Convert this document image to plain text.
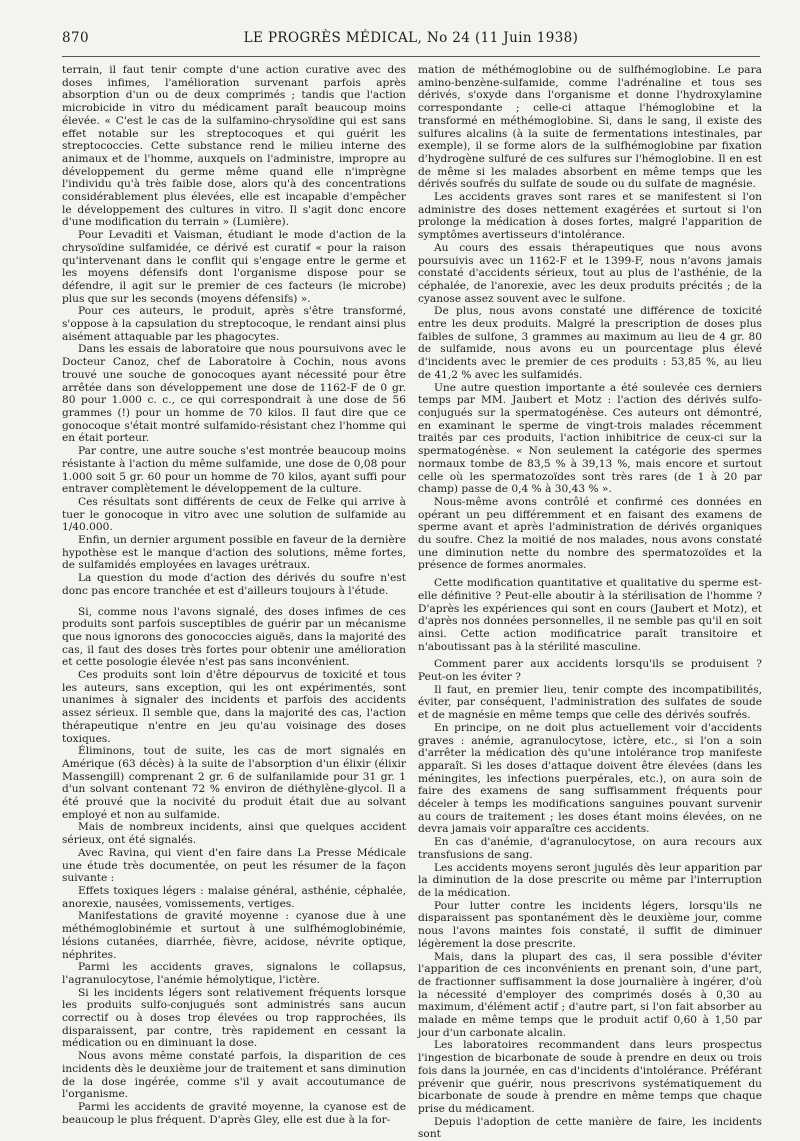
870	LE PROGRÈS MÉDICAL, No 24 (11 Juin 1938)

terrain, il faut tenir compte d'une action curative avec des doses infimes, l'amélioration survenant parfois après absorption d'un ou de deux comprimés ; tandis que l'action microbicide in vitro du médicament paraît beaucoup moins élevée. « C'est le cas de la sulfamino-chrysoïdine qui est sans effet notable sur les streptocoques et qui guérit les streptococcies. Cette substance rend le milieu interne des animaux et de l'homme, auxquels on l'administre, impropre au développement du germe même quand elle n'imprègne l'individu qu'à très faible dose, alors qu'à des concentrations considérablement plus élevées, elle est incapable d'empêcher le développement des cultures in vitro. Il s'agit donc encore d'une modification du terrain » (Lumière).

Pour Levaditi et Vaisman, étudiant le mode d'action de la chrysoïdine sulfamidée, ce dérivé est curatif « pour la raison qu'intervenant dans le conflit qui s'engage entre le germe et les moyens défensifs dont l'organisme dispose pour se défendre, il agit sur le premier de ces facteurs (le microbe) plus que sur les seconds (moyens défensifs) ».

Pour ces auteurs, le produit, après s'être transformé, s'oppose à la capsulation du streptocoque, le rendant ainsi plus aisément attaquable par les phagocytes.

Dans les essais de laboratoire que nous poursuivons avec le Docteur Canoz, chef de Laboratoire à Cochin, nous avons trouvé une souche de gonocoques ayant nécessité pour être arrêtée dans son développement une dose de 1162-F de 0 gr. 80 pour 1.000 c. c., ce qui correspondrait à une dose de 56 grammes (!) pour un homme de 70 kilos. Il faut dire que ce gonocoque s'était montré sulfamido-résistant chez l'homme qui en était porteur.

Par contre, une autre souche s'est montrée beaucoup moins résistante à l'action du même sulfamide, une dose de 0,08 pour 1.000 soit 5 gr. 60 pour un homme de 70 kilos, ayant suffi pour entraver complètement le développement de la culture.

Ces résultats sont différents de ceux de Felke qui arrive à tuer le gonocoque in vitro avec une solution de sulfamide au 1/40.000.

Enfin, un dernier argument possible en faveur de la dernière hypothèse est le manque d'action des solutions, même fortes, de sulfamidés employées en lavages urétraux.

La question du mode d'action des dérivés du soufre n'est donc pas encore tranchée et est d'ailleurs toujours à l'étude.

Si, comme nous l'avons signalé, des doses infimes de ces produits sont parfois susceptibles de guérir par un mécanisme que nous ignorons des gonococcies aiguës, dans la majorité des cas, il faut des doses très fortes pour obtenir une amélioration et cette posologie élevée n'est pas sans inconvénient.

Ces produits sont loin d'être dépourvus de toxicité et tous les auteurs, sans exception, qui les ont expérimentés, sont unanimes à signaler des incidents et parfois des accidents assez sérieux. Il semble que, dans la majorité des cas, l'action thérapeutique n'entre en jeu qu'au voisinage des doses toxiques.

Éliminons, tout de suite, les cas de mort signalés en Amérique (63 décès) à la suite de l'absorption d'un élixir (élixir Massengill) comprenant 2 gr. 6 de sulfanilamide pour 31 gr. 1 d'un solvant contenant 72 % environ de diéthylène-glycol. Il a été prouvé que la nocivité du produit était due au solvant employé et non au sulfamide.

Mais de nombreux incidents, ainsi que quelques accident sérieux, ont été signalés.

Avec Ravina, qui vient d'en faire dans La Presse Médicale une étude très documentée, on peut les résumer de la façon suivante :

Effets toxiques légers : malaise général, asthénie, céphalée, anorexie, nausées, vomissements, vertiges.

Manifestations de gravité moyenne : cyanose due à une méthémoglobinémie et surtout à une sulfhémoglobinémie, lésions cutanées, diarrhée, fièvre, acidose, névrite optique, néphrites.

Parmi les accidents graves, signalons le collapsus, l'agranulocytose, l'anémie hémolytique, l'ictère.

Si les incidents légers sont relativement fréquents lorsque les produits sulfo-conjugués sont administrés sans aucun correctif ou à doses trop élevées ou trop rapprochées, ils disparaissent, par contre, très rapidement en cessant la médication ou en diminuant la dose.

Nous avons même constaté parfois, la disparition de ces incidents dès le deuxième jour de traitement et sans diminution de la dose ingérée, comme s'il y avait accoutumance de l'organisme.

Parmi les accidents de gravité moyenne, la cyanose est de beaucoup le plus fréquent. D'après Gley, elle est due à la for-

mation de méthémoglobine ou de sulfhémoglobine. Le para amino-benzène-sulfamide, comme l'adrénaline et tous ses dérivés, s'oxyde dans l'organisme et donne l'hydroxylamine correspondante ; celle-ci attaque l'hémoglobine et la transformé en méthémoglobine. Si, dans le sang, il existe des sulfures alcalins (à la suite de fermentations intestinales, par exemple), il se forme alors de la sulfhémoglobine par fixation d'hydrogène sulfuré de ces sulfures sur l'hémoglobine. Il en est de même si les malades absorbent en même temps que les dérivés soufrés du sulfate de soude ou du sulfate de magnésie.

Les accidents graves sont rares et se manifestent si l'on administre des doses nettement exagérées et surtout si l'on prolonge la médication à doses fortes, malgré l'apparition de symptômes avertisseurs d'intolérance.

Au cours des essais thérapeutiques que nous avons poursuivis avec un 1162-F et le 1399-F, nous n'avons jamais constaté d'accidents sérieux, tout au plus de l'asthénie, de la céphalée, de l'anorexie, avec les deux produits précités ; de la cyanose assez souvent avec le sulfone.

De plus, nous avons constaté une différence de toxicité entre les deux produits. Malgré la prescription de doses plus faibles de sulfone, 3 grammes au maximum au lieu de 4 gr. 80 de sulfamide, nous avons eu un pourcentage plus élevé d'incidents avec le premier de ces produits : 53,85 %, au lieu de 41,2 % avec les sulfamidés.

Une autre question importante a été soulevée ces derniers temps par MM. Jaubert et Motz : l'action des dérivés sulfo-conjugués sur la spermatogénèse. Ces auteurs ont démontré, en examinant le sperme de vingt-trois malades récemment traités par ces produits, l'action inhibitrice de ceux-ci sur la spermatogénèse. « Non seulement la catégorie des spermes normaux tombe de 83,5 % à 39,13 %, mais encore et surtout celle où les spermatozoïdes sont très rares (de 1 à 20 par champ) passe de 0,4 % à 30,43 % ».

Nous-même avons contrôlé et confirmé ces données en opérant un peu différemment et en faisant des examens de sperme avant et après l'administration de dérivés organiques du soufre. Chez la moitié de nos malades, nous avons constaté une diminution nette du nombre des spermatozoïdes et la présence de formes anormales.

Cette modification quantitative et qualitative du sperme est-elle définitive ? Peut-elle aboutir à la stérilisation de l'homme ? D'après les expériences qui sont en cours (Jaubert et Motz), et d'après nos données personnelles, il ne semble pas qu'il en soit ainsi. Cette action modificatrice paraît transitoire et n'aboutissant pas à la stérilité masculine.

Comment parer aux accidents lorsqu'ils se produisent ? Peut-on les éviter ?

Il faut, en premier lieu, tenir compte des incompatibilités, éviter, par conséquent, l'administration des sulfates de soude et de magnésie en même temps que celle des dérivés soufrés.

En principe, on ne doit plus actuellement voir d'accidents graves : anémie, agranulocytose, ictère, etc., si l'on a soin d'arrêter la médication dès qu'une intolérance trop manifeste apparaît. Si les doses d'attaque doivent être élevées (dans les méningites, les infections puerpérales, etc.), on aura soin de faire des examens de sang suffisamment fréquents pour déceler à temps les modifications sanguines pouvant survenir au cours de traitement ; les doses étant moins élevées, on ne devra jamais voir apparaître ces accidents.

En cas d'anémie, d'agranulocytose, on aura recours aux transfusions de sang.

Les accidents moyens seront jugulés dès leur apparition par la diminution de la dose prescrite ou même par l'interruption de la médication.

Pour lutter contre les incidents légers, lorsqu'ils ne disparaissent pas spontanément dès le deuxième jour, comme nous l'avons maintes fois constaté, il suffit de diminuer légèrement la dose prescrite.

Mais, dans la plupart des cas, il sera possible d'éviter l'apparition de ces inconvénients en prenant soin, d'une part, de fractionner suffisamment la dose journalière à ingérer, d'où la nécessité d'employer des comprimés dosés à 0,30 au maximum, d'élément actif ; d'autre part, si l'on fait absorber au malade en même temps que le produit actif 0,60 à 1,50 par jour d'un carbonate alcalin.

Les laboratoires recommandent dans leurs prospectus l'ingestion de bicarbonate de soude à prendre en deux ou trois fois dans la journée, en cas d'incidents d'intolérance. Préférant prévenir que guérir, nous prescrivons systématiquement du bicarbonate de soude à prendre en même temps que chaque prise du médicament.

Depuis l'adoption de cette manière de faire, les incidents sont
